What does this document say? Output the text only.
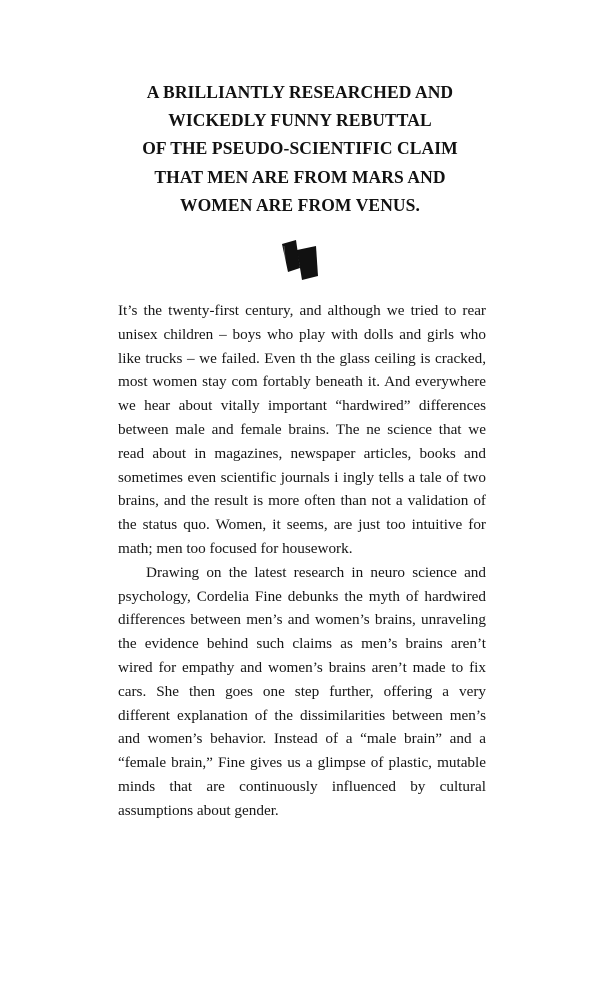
A BRILLIANTLY RESEARCHED AND
WICKEDLY FUNNY REBUTTAL
OF THE PSEUDO-SCIENTIFIC CLAIM
THAT MEN ARE FROM MARS AND
WOMEN ARE FROM VENUS.

It’s the twenty-first century, and although we tried to rear unisex children – boys who play with dolls and girls who like trucks – we failed. Even th the glass ceiling is cracked, most women stay com fortably beneath it. And everywhere we hear about vitally important “hardwired” differences between male and female brains. The ne science that we read about in magazines, newspaper articles, books and sometimes even scientific journals i ingly tells a tale of two brains, and the result is more often than not a validation of the status quo. Women, it seems, are just too intuitive for math; men too focused for housework.

Drawing on the latest research in neuro science and psychology, Cordelia Fine debunks the myth of hardwired differences between men’s and women’s brains, unraveling the evidence behind such claims as men’s brains aren’t wired for empathy and women’s brains aren’t made to fix cars. She then goes one step further, offering a very different explanation of the dissimilarities between men’s and women’s behavior. Instead of a “male brain” and a “female brain,” Fine gives us a glimpse of plastic, mutable minds that are continuously influenced by cultural assumptions about gender.
